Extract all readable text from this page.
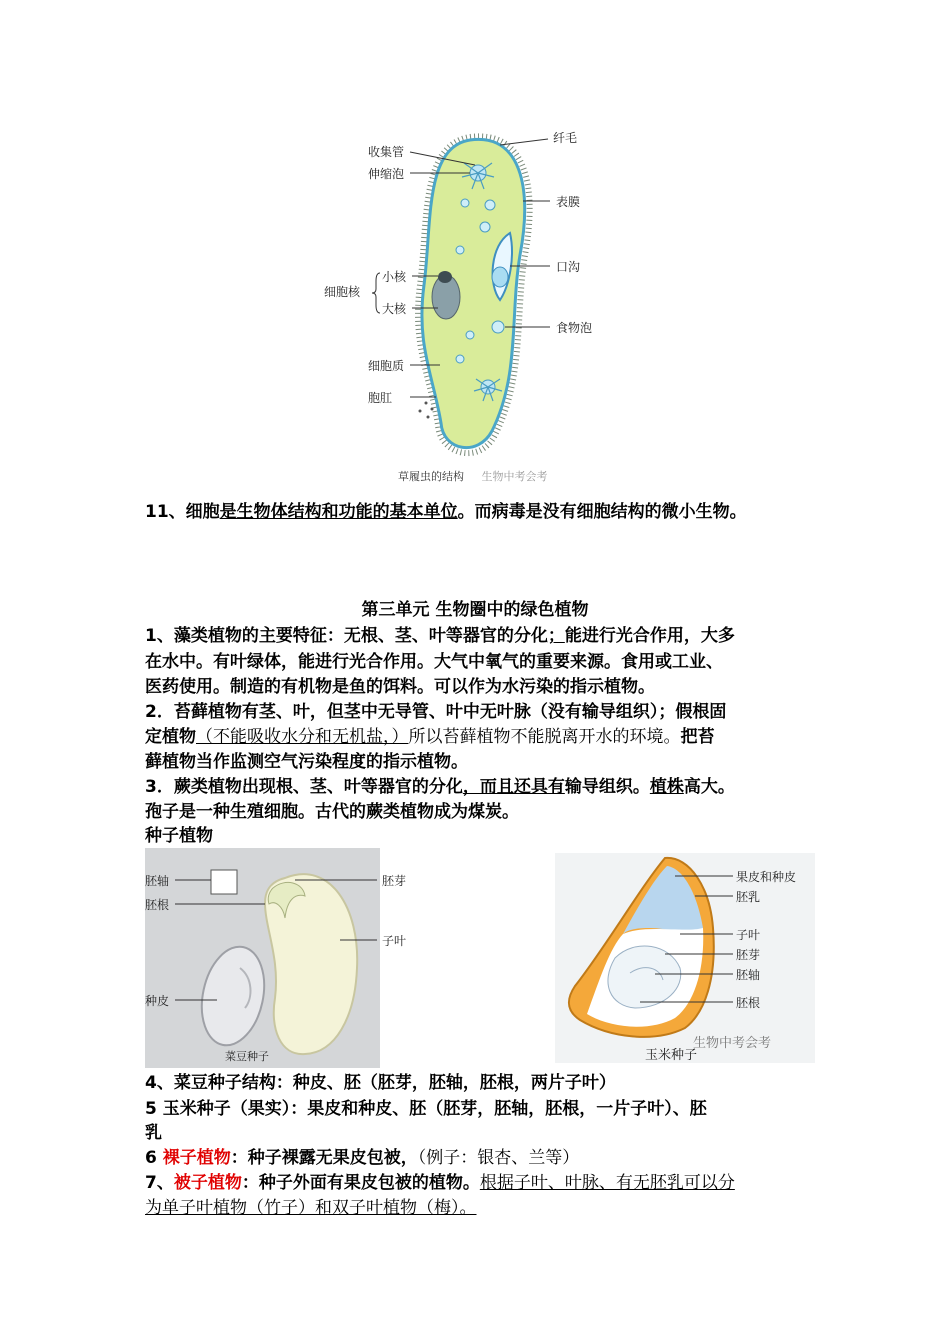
纤毛
收集管
伸缩泡
表膜
口沟
细胞核
小核
大核
食物泡
细胞质
胞肛
草履虫的结构 生物中考会考
11、细胞是生物体结构和功能的基本单位。而病毒是没有细胞结构的微小生物。
第三单元 生物圈中的绿色植物
1、藻类植物的主要特征：无根、茎、叶等器官的分化；能进行光合作用，大多
在水中。有叶绿体，能进行光合作用。大气中氧气的重要来源。食用或工业、
医药使用。制造的有机物是鱼的饵料。可以作为水污染的指示植物。
2．苔藓植物有茎、叶，但茎中无导管、叶中无叶脉（没有输导组织）；假根固
定植物（不能吸收水分和无机盐，）所以苔藓植物不能脱离开水的环境。把苔
藓植物当作监测空气污染程度的指示植物。
3．蕨类植物出现根、茎、叶等器官的分化，而且还具有输导组织。植株高大。
孢子是一种生殖细胞。古代的蕨类植物成为煤炭。
种子植物
胚轴
胚根
胚芽
子叶
种皮
菜豆种子
果皮和种皮
胚乳
子叶
胚芽
胚轴
胚根
生物中考会考
玉米种子
4、菜豆种子结构：种皮、胚（胚芽，胚轴，胚根，两片子叶）
5 玉米种子（果实）：果皮和种皮、胚（胚芽，胚轴，胚根，一片子叶）、胚
乳
6 裸子植物：种子裸露无果皮包被，（例子：银杏、兰等）
7、被子植物：种子外面有果皮包被的植物。根据子叶、叶脉、有无胚乳可以分
为单子叶植物（竹子）和双子叶植物（梅）。
